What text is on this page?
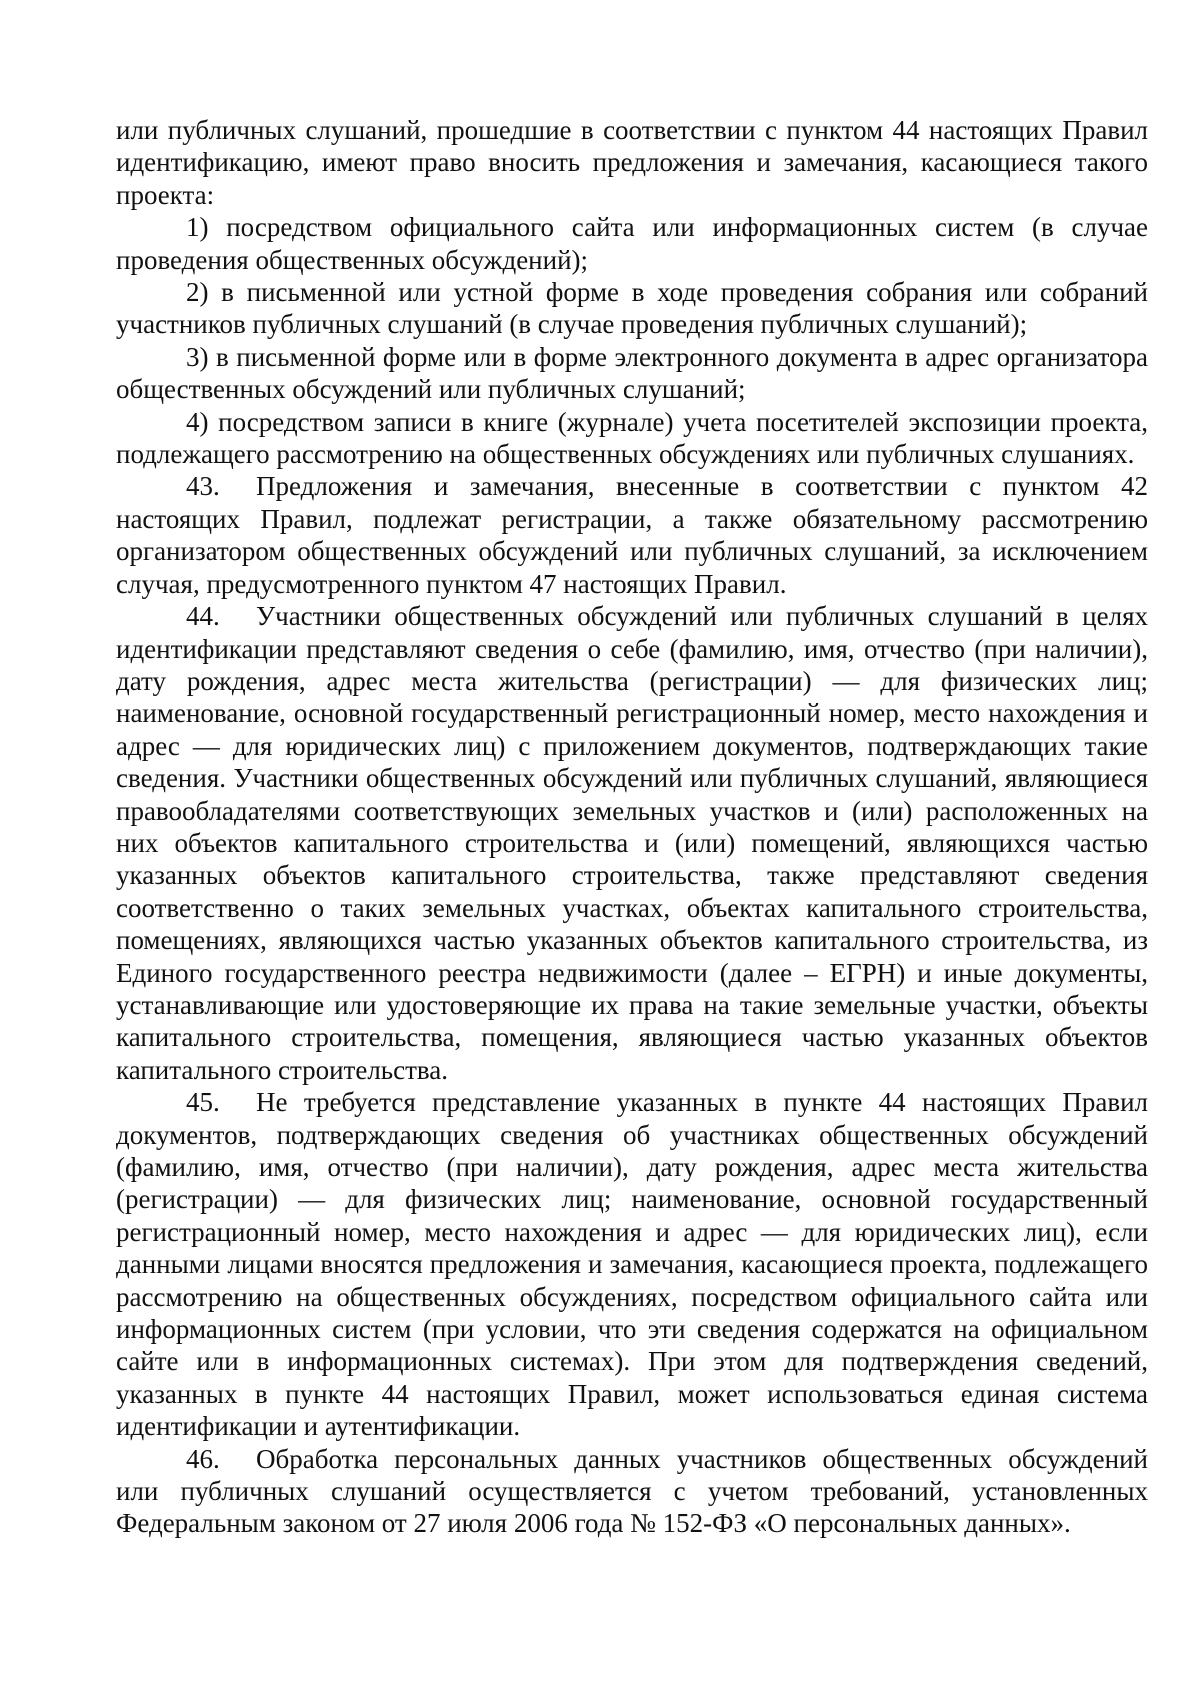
или публичных слушаний, прошедшие в соответствии с пунктом 44 настоящих Правил идентификацию, имеют право вносить предложения и замечания, касающиеся такого проекта:

1) посредством официального сайта или информационных систем (в случае проведения общественных обсуждений);

2) в письменной или устной форме в ходе проведения собрания или собраний участников публичных слушаний (в случае проведения публичных слушаний);

3) в письменной форме или в форме электронного документа в адрес организатора общественных обсуждений или публичных слушаний;

4) посредством записи в книге (журнале) учета посетителей экспозиции проекта, подлежащего рассмотрению на общественных обсуждениях или публичных слушаниях.

43. Предложения и замечания, внесенные в соответствии с пунктом 42 настоящих Правил, подлежат регистрации, а также обязательному рассмотрению организатором общественных обсуждений или публичных слушаний, за исключением случая, предусмотренного пунктом 47 настоящих Правил.

44. Участники общественных обсуждений или публичных слушаний в целях идентификации представляют сведения о себе (фамилию, имя, отчество (при наличии), дату рождения, адрес места жительства (регистрации) — для физических лиц; наименование, основной государственный регистрационный номер, место нахождения и адрес — для юридических лиц) с приложением документов, подтверждающих такие сведения. Участники общественных обсуждений или публичных слушаний, являющиеся правообладателями соответствующих земельных участков и (или) расположенных на них объектов капитального строительства и (или) помещений, являющихся частью указанных объектов капитального строительства, также представляют сведения соответственно о таких земельных участках, объектах капитального строительства, помещениях, являющихся частью указанных объектов капитального строительства, из Единого государственного реестра недвижимости (далее – ЕГРН) и иные документы, устанавливающие или удостоверяющие их права на такие земельные участки, объекты капитального строительства, помещения, являющиеся частью указанных объектов капитального строительства.

45. Не требуется представление указанных в пункте 44 настоящих Правил документов, подтверждающих сведения об участниках общественных обсуждений (фамилию, имя, отчество (при наличии), дату рождения, адрес места жительства (регистрации) — для физических лиц; наименование, основной государственный регистрационный номер, место нахождения и адрес — для юридических лиц), если данными лицами вносятся предложения и замечания, касающиеся проекта, подлежащего рассмотрению на общественных обсуждениях, посредством официального сайта или информационных систем (при условии, что эти сведения содержатся на официальном сайте или в информационных системах). При этом для подтверждения сведений, указанных в пункте 44 настоящих Правил, может использоваться единая система идентификации и аутентификации.

46. Обработка персональных данных участников общественных обсуждений или публичных слушаний осуществляется с учетом требований, установленных Федеральным законом от 27 июля 2006 года № 152-ФЗ «О персональных данных».
